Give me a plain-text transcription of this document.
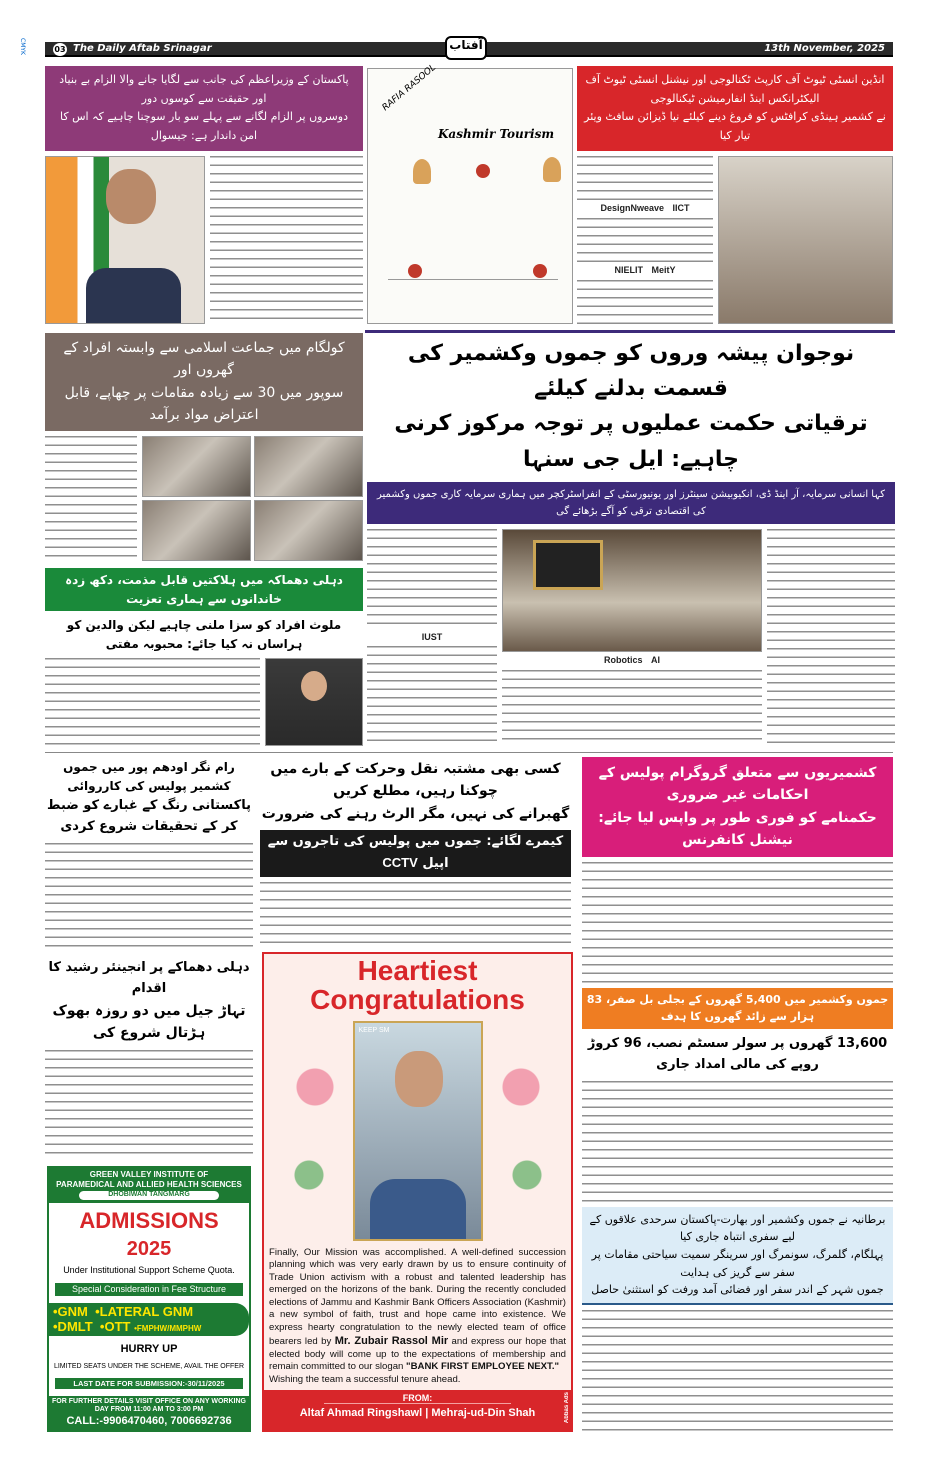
CMYK	03 The Daily Aftab Srinagar	آفتاب	13th November, 2025
پاکستان کے وزیراعظم کی جانب سے لگایا جانے والا الزام بے بنیاد اور حقیقت سے کوسوں دور
دوسروں پر الزام لگانے سے پہلے سو بار سوچنا چاہیے کہ اس کا امن داندار ہے: جیسوال
RAFIA RASOOL
Kashmir Tourism
انڈین انسٹی ٹیوٹ آف کارپٹ ٹکنالوجی اور نیشنل انسٹی ٹیوٹ آف الیکٹرانکس اینڈ انفارمیشن ٹیکنالوجی
نے کشمیر ہینڈی کرافٹس کو فروغ دینے کیلئے نیا ڈیزائن سافٹ ویئر تیار کیا
DesignNweave IICT
NIELIT MeitY
کولگام میں جماعت اسلامی سے وابستہ افراد کے گھروں اور
سوپور میں 30 سے زیادہ مقامات پر چھاپے، قابل اعتراض مواد برآمد
نوجوان پیشہ وروں کو جموں وکشمیر کی قسمت بدلنے کیلئے
ترقیاتی حکمت عملیوں پر توجہ مرکوز کرنی چاہیے: ایل جی سنہا
کہا انسانی سرمایہ، آر اینڈ ڈی، انکیوبیشن سینٹرز اور یونیورسٹی کے انفراسٹرکچر میں ہماری سرمایہ کاری جموں وکشمیر کی اقتصادی ترقی کو آگے بڑھائے گی
IUST
Robotics AI
دہلی دھماکہ میں ہلاکتیں قابل مذمت، دکھ زدہ خاندانوں سے ہماری تعزیت
ملوث افراد کو سزا ملنی چاہیے لیکن والدین کو ہراساں نہ کیا جائے: محبوبہ مفتی
رام نگر اودھم پور میں جموں کشمیر پولیس کی کارروائی
پاکستانی رنگ کے غبارے کو ضبط کر کے تحقیقات شروع کردی
دہلی دھماکے پر انجینئر رشید کا اقدام
تہاڑ جیل میں دو روزہ بھوک ہڑتال شروع کی
GREEN VALLEY INSTITUTE OF
PARAMEDICAL AND ALLIED HEALTH SCIENCES
DHOBIWAN TANGMARG
ADMISSIONS
2025
Under Institutional Support Scheme Quota.
Special Consideration in Fee Structure
•GNM •LATERAL GNM
•DMLT •OTT •FMPHW/MMPHW
HURRY UP
LIMITED SEATS UNDER THE SCHEME, AVAIL THE OFFER
LAST DATE FOR SUBMISSION:-30/11/2025
FOR FURTHER DETAILS VISIT OFFICE ON ANY WORKING DAY FROM 11:00 AM TO 3:00 PM
CALL:-9906470460, 7006692736
کسی بھی مشتبہ نقل وحرکت کے بارے میں چوکنا رہیں، مطلع کریں
گھبرانے کی نہیں، مگر الرٹ رہنے کی ضرورت
کیمرے لگائے: جموں میں پولیس کی تاجروں سے اپیل CCTV
Heartiest
Congratulations
KEEP SM
Finally, Our Mission was accomplished. A well-defined succession planning which was very early drawn by us to ensure continuity of Trade Union activism with a robust and talented leadership has emerged on the horizons of the bank. During the recently concluded elections of Jammu and Kashmir Bank Officers Association (Kashmir) a new symbol of faith, trust and hope came into existence. We express hearty congratulation to the newly elected team of office bearers led by Mr. Zubair Rassol Mir and express our hope that elected body will come up to the expectations of membership and remain committed to our slogan "BANK FIRST EMPLOYEE NEXT."
Wishing the team a successful tenure ahead.
FROM:
Altaf Ahmad Ringshawl | Mehraj-ud-Din Shah	Abbas Ads
کشمیریوں سے متعلق گروگرام پولیس کے احکامات غیر ضروری
حکمنامے کو فوری طور پر واپس لیا جائے: نیشنل کانفرنس
جموں وکشمیر میں 5,400 گھروں کے بجلی بل صفر، 83 ہزار سے زائد گھروں کا ہدف
13,600 گھروں پر سولر سسٹم نصب، 96 کروڑ روپے کی مالی امداد جاری
برطانیہ نے جموں وکشمیر اور بھارت-پاکستان سرحدی علاقوں کے لیے سفری انتباہ جاری کیا
پہلگام، گلمرگ، سونمرگ اور سرینگر سمیت سیاحتی مقامات پر سفر سے گریز کی ہدایت
جموں شہر کے اندر سفر اور فضائی آمد ورفت کو استثنیٰ حاصل
